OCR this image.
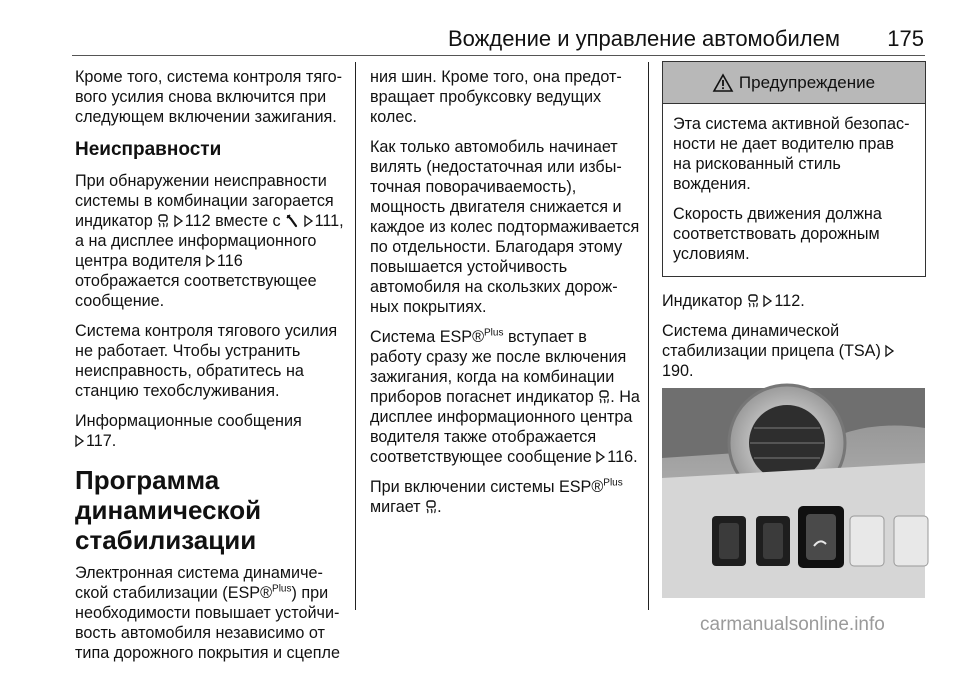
Вождение и управление автомобилем	175

Кроме того, система контроля тягового усилия снова включится при следующем включении зажигания.

Неисправности

При обнаружении неисправности системы в комбинации загорается индикатор 112 вместе с 111, а на дисплее информационного центра водителя 116 отображается соответствующее сообщение.

Система контроля тягового усилия не работает. Чтобы устранить неисправность, обратитесь на станцию техобслуживания.

Информационные сообщения
117.

Программа динамической стабилизации

Электронная система динамической стабилизации (ESP®$^{Plus}$) при необходимости повышает устойчивость автомобиля независимо от типа дорожного покрытия и сцепле

ния шин. Кроме того, она предотвращает пробуксовку ведущих колес.

Как только автомобиль начинает вилять (недостаточная или избыточная поворачиваемость), мощность двигателя снижается и каждое из колес подтормаживается по отдельности. Благодаря этому повышается устойчивость автомобиля на скользких дорожных покрытиях.

Система ESP®$^{Plus}$ вступает в работу сразу же после включения зажигания, когда на комбинации приборов погаснет индикатор . На дисплее информационного центра водителя также отображается соответствующее сообщение 116.

При включении системы ESP®$^{Plus}$
мигает .

Предупреждение

Эта система активной безопасности не дает водителю прав на рискованный стиль вождения.

Скорость движения должна соответствовать дорожным условиям.

Индикатор 112.

Система динамической стабилизации прицепа (TSA) 190.

carmanualsonline.info
